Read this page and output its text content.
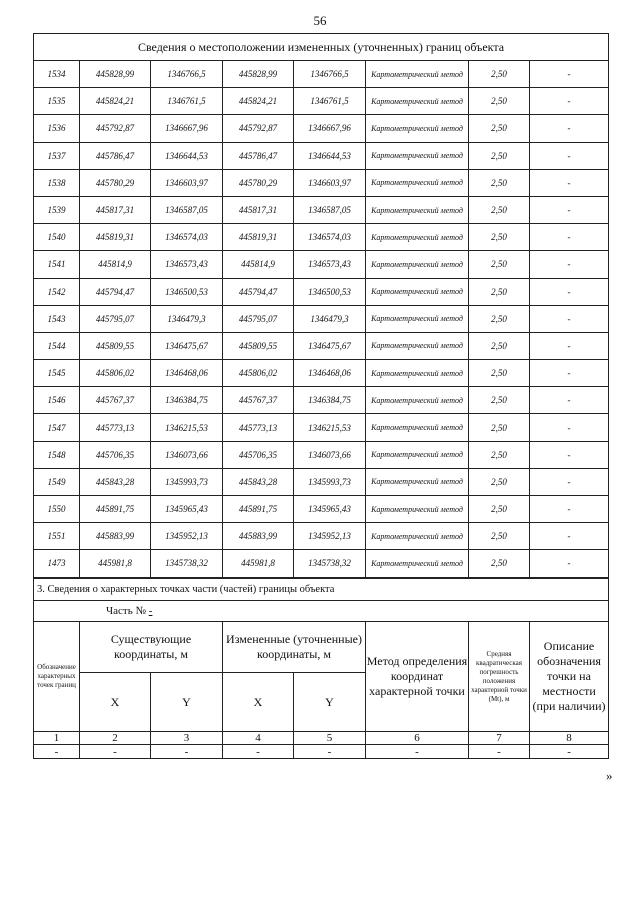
56
Сведения о местоположении измененных (уточненных) границ объекта							
1534	445828,99	1346766,5	445828,99	1346766,5	Картометрический метод	2,50	-
1535	445824,21	1346761,5	445824,21	1346761,5	Картометрический метод	2,50	-
1536	445792,87	1346667,96	445792,87	1346667,96	Картометрический метод	2,50	-
1537	445786,47	1346644,53	445786,47	1346644,53	Картометрический метод	2,50	-
1538	445780,29	1346603,97	445780,29	1346603,97	Картометрический метод	2,50	-
1539	445817,31	1346587,05	445817,31	1346587,05	Картометрический метод	2,50	-
1540	445819,31	1346574,03	445819,31	1346574,03	Картометрический метод	2,50	-
1541	445814,9	1346573,43	445814,9	1346573,43	Картометрический метод	2,50	-
1542	445794,47	1346500,53	445794,47	1346500,53	Картометрический метод	2,50	-
1543	445795,07	1346479,3	445795,07	1346479,3	Картометрический метод	2,50	-
1544	445809,55	1346475,67	445809,55	1346475,67	Картометрический метод	2,50	-
1545	445806,02	1346468,06	445806,02	1346468,06	Картометрический метод	2,50	-
1546	445767,37	1346384,75	445767,37	1346384,75	Картометрический метод	2,50	-
1547	445773,13	1346215,53	445773,13	1346215,53	Картометрический метод	2,50	-
1548	445706,35	1346073,66	445706,35	1346073,66	Картометрический метод	2,50	-
1549	445843,28	1345993,73	445843,28	1345993,73	Картометрический метод	2,50	-
1550	445891,75	1345965,43	445891,75	1345965,43	Картометрический метод	2,50	-
1551	445883,99	1345952,13	445883,99	1345952,13	Картометрический метод	2,50	-
1473	445981,8	1345738,32	445981,8	1345738,32	Картометрический метод	2,50	-
3. Сведения о характерных точках части (частей) границы объекта							
Часть № -							
Обозначение характерных точек границ	Существующие координаты, м		Измененные (уточненные) координаты, м		Метод определения координат характерной точки	Средняя квадратическая погрешность положения характерной точки (Мt), м	Описание обозначения точки на местности (при наличии)
	X	Y	X	Y			
1	2	3	4	5	6	7	8
-	-	-	-	-	-	-	-
»
